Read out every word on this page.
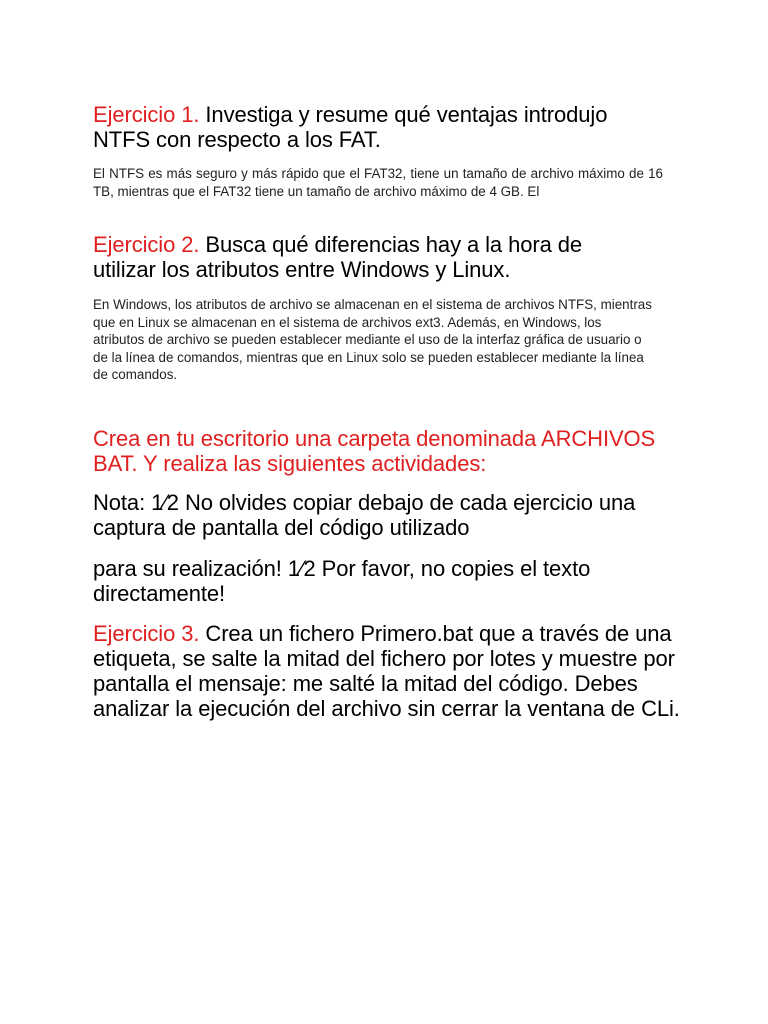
Ejercicio 1. Investiga y resume qué ventajas introdujo NTFS con respecto a los FAT.

El NTFS es más seguro y más rápido que el FAT32, tiene un tamaño de archivo máximo de 16 TB, mientras que el FAT32 tiene un tamaño de archivo máximo de 4 GB. El

Ejercicio 2. Busca qué diferencias hay a la hora de utilizar los atributos entre Windows y Linux.

En Windows, los atributos de archivo se almacenan en el sistema de archivos NTFS, mientras que en Linux se almacenan en el sistema de archivos ext3. Además, en Windows, los atributos de archivo se pueden establecer mediante el uso de la interfaz gráfica de usuario o de la línea de comandos, mientras que en Linux solo se pueden establecer mediante la línea de comandos.

Crea en tu escritorio una carpeta denominada ARCHIVOS BAT. Y realiza las siguientes actividades:

Nota: 1⁄2 No olvides copiar debajo de cada ejercicio una captura de pantalla del código utilizado

para su realización! 1⁄2 Por favor, no copies el texto directamente!

Ejercicio 3. Crea un fichero Primero.bat que a través de una etiqueta, se salte la mitad del fichero por lotes y muestre por pantalla el mensaje: me salté la mitad del código. Debes analizar la ejecución del archivo sin cerrar la ventana de CLi.
